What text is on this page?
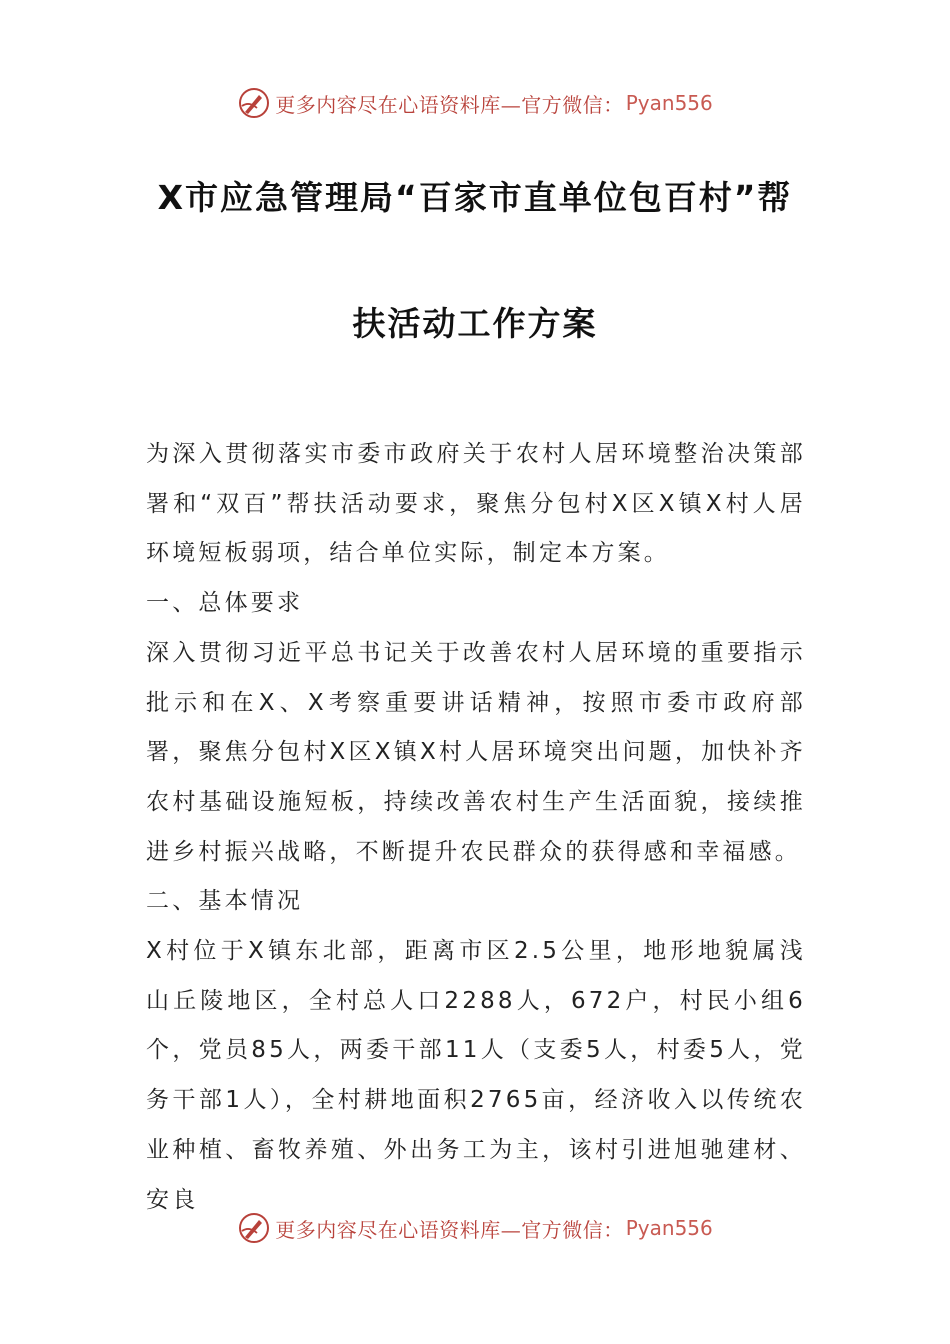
更多内容尽在心语资料库—官方微信： Pyan556
X市应急管理局“百家市直单位包百村”帮
扶活动工作方案

为深入贯彻落实市委市政府关于农村人居环境整治决策部署和“双百”帮扶活动要求，聚焦分包村X区X镇X村人居环境短板弱项，结合单位实际，制定本方案。

一、总体要求

深入贯彻习近平总书记关于改善农村人居环境的重要指示批示和在X、X考察重要讲话精神，按照市委市政府部署，聚焦分包村X区X镇X村人居环境突出问题，加快补齐农村基础设施短板，持续改善农村生产生活面貌，接续推进乡村振兴战略，不断提升农民群众的获得感和幸福感。

二、基本情况

X村位于X镇东北部，距离市区2.5公里，地形地貌属浅山丘陵地区，全村总人口2288人，672户，村民小组6个，党员85人，两委干部11人（支委5人，村委5人，党务干部1人），全村耕地面积2765亩，经济收入以传统农业种植、畜牧养殖、外出务工为主，该村引进旭驰建材、安良

更多内容尽在心语资料库—官方微信： Pyan556
